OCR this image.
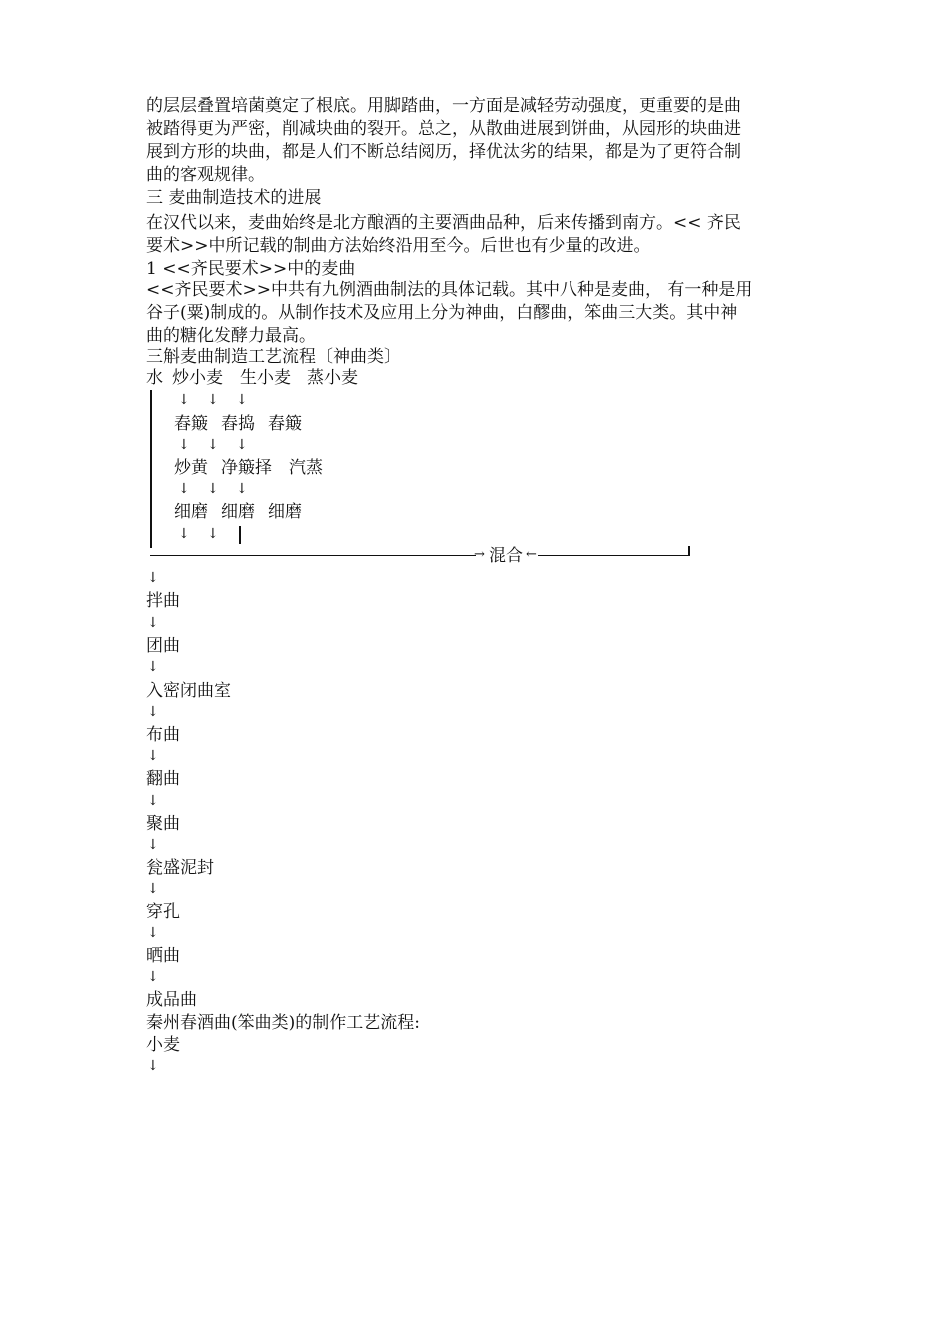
的层层叠置培菌奠定了根底。用脚踏曲，一方面是减轻劳动强度，更重要的是曲
被踏得更为严密，削减块曲的裂开。总之，从散曲进展到饼曲，从园形的块曲进
展到方形的块曲，都是人们不断总结阅历，择优汰劣的结果，都是为了更符合制
曲的客观规律。
三 麦曲制造技术的进展
在汉代以来，麦曲始终是北方酿酒的主要酒曲品种，后来传播到南方。<< 齐民
要术>>中所记载的制曲方法始终沿用至今。后世也有少量的改进。
1 <<齐民要术>>中的麦曲
<<齐民要术>>中共有九例酒曲制法的具体记载。其中八种是麦曲， 有一种是用
谷子(粟)制成的。从制作技术及应用上分为神曲，白醪曲，笨曲三大类。其中神
曲的糖化发酵力最高。
三斛麦曲制造工艺流程〔神曲类〕
水 炒小麦 生小麦 蒸小麦
↓ ↓ ↓
舂簸 舂捣 舂簸
↓ ↓ ↓
炒黄 净簸择 汽蒸
↓ ↓ ↓
细磨 细磨 细磨
↓ ↓
→ 混合 ←
↓
拌曲
↓
团曲
↓
入密闭曲室
↓
布曲
↓
翻曲
↓
聚曲
↓
瓮盛泥封
↓
穿孔
↓
晒曲
↓
成品曲
秦州春酒曲(笨曲类)的制作工艺流程:
小麦
↓
